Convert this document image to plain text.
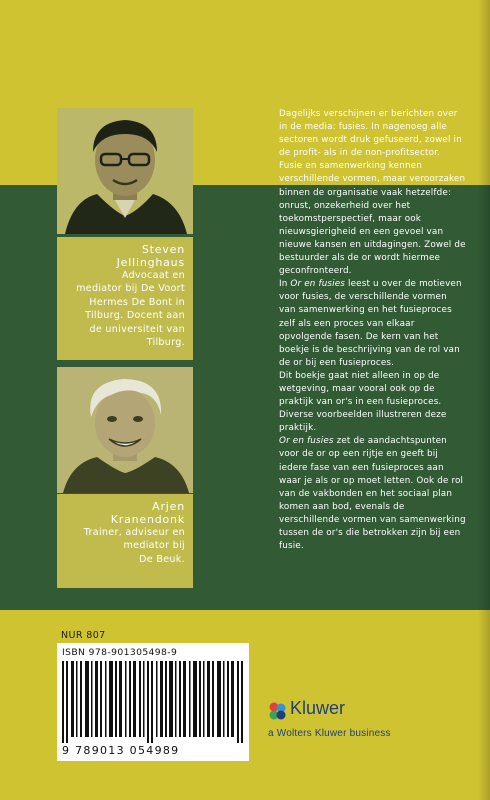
Steven
Jellinghaus
Advocaat en
mediator bij De Voort
Hermes De Bont in
Tilburg. Docent aan
de universiteit van
Tilburg.
Arjen
Kranendonk
Trainer, adviseur en
mediator bij
De Beuk.

Dagelijks verschijnen er berichten over in de media: fusies. In nagenoeg alle sectoren wordt druk gefuseerd, zowel in de profit- als in de non-profitsector.

Fusie en samenwerking kennen verschillende vormen, maar veroorzaken binnen de organisatie vaak hetzelfde: onrust, onzekerheid over het toekomstperspectief, maar ook nieuwsgierigheid en een gevoel van nieuwe kansen en uitdagingen. Zowel de bestuurder als de or wordt hiermee geconfronteerd.

In Or en fusies leest u over de motieven voor fusies, de verschillende vormen van samenwerking en het fusieproces zelf als een proces van elkaar opvolgende fasen. De kern van het boekje is de beschrijving van de rol van de or bij een fusieproces.

Dit boekje gaat niet alleen in op de wetgeving, maar vooral ook op de praktijk van or's in een fusieproces. Diverse voorbeelden illustreren deze praktijk.

Or en fusies zet de aandachtspunten voor de or op een rijtje en geeft bij iedere fase van een fusieproces aan waar je als or op moet letten. Ook de rol van de vakbonden en het sociaal plan komen aan bod, evenals de verschillende vormen van samenwerking tussen de or's die betrokken zijn bij een fusie.

NUR 807
ISBN 978-901305498-9
9 789013 054989
Kluwer
a Wolters Kluwer business
